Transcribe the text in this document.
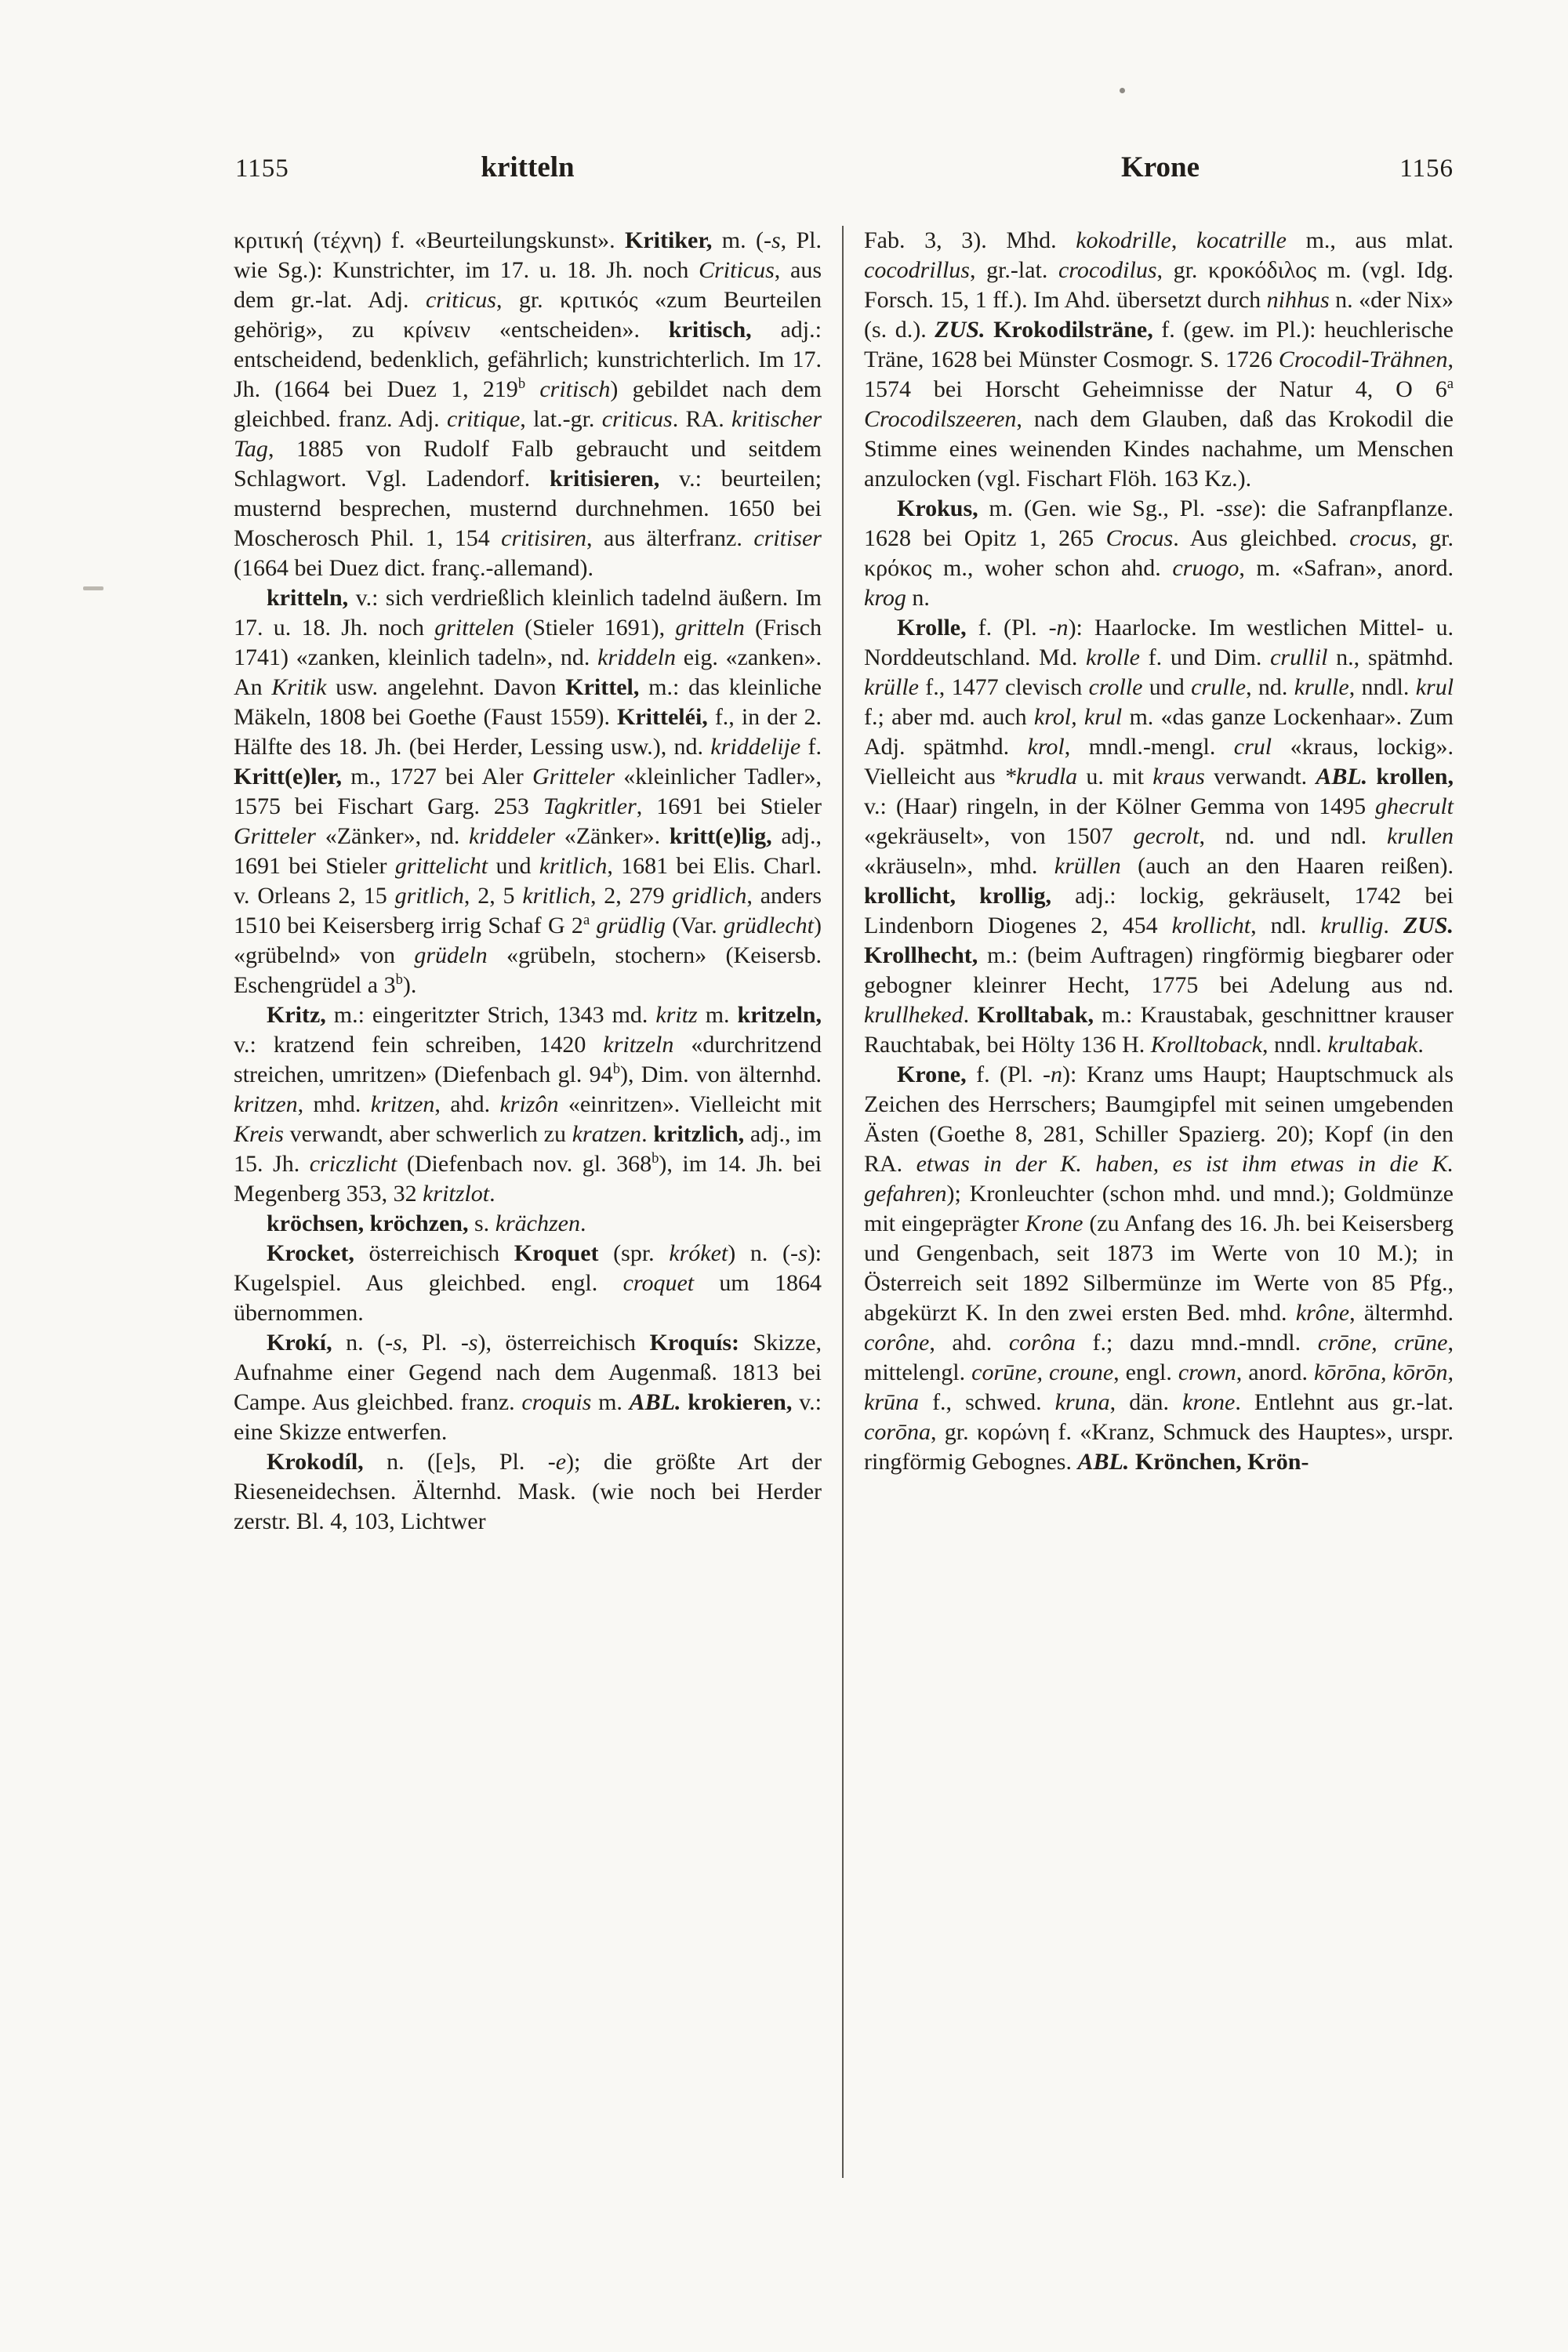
1155	kritteln	Krone	1156

κριτική (τέχνη) f. «Beurteilungskunst». Kritiker, m. (-s, Pl. wie Sg.): Kunstrichter, im 17. u. 18. Jh. noch Criticus, aus dem gr.-lat. Adj. criticus, gr. κριτικός «zum Beurteilen gehörig», zu κρίνειν «entscheiden». kritisch, adj.: entscheidend, bedenklich, gefährlich; kunstrichterlich. Im 17. Jh. (1664 bei Duez 1, 219$^b$ critisch) gebildet nach dem gleichbed. franz. Adj. critique, lat.-gr. criticus. RA. kritischer Tag, 1885 von Rudolf Falb gebraucht und seitdem Schlagwort. Vgl. Ladendorf. kritisieren, v.: beurteilen; musternd besprechen, musternd durchnehmen. 1650 bei Moscherosch Phil. 1, 154 critisiren, aus älterfranz. critiser (1664 bei Duez dict. franç.-allemand).

kritteln, v.: sich verdrießlich kleinlich tadelnd äußern. Im 17. u. 18. Jh. noch grittelen (Stieler 1691), gritteln (Frisch 1741) «zanken, kleinlich tadeln», nd. kriddeln eig. «zanken». An Kritik usw. angelehnt. Davon Krittel, m.: das kleinliche Mäkeln, 1808 bei Goethe (Faust 1559). Kritteléi, f., in der 2. Hälfte des 18. Jh. (bei Herder, Lessing usw.), nd. kriddelije f. Kritt(e)ler, m., 1727 bei Aler Gritteler «kleinlicher Tadler», 1575 bei Fischart Garg. 253 Tagkritler, 1691 bei Stieler Gritteler «Zänker», nd. kriddeler «Zänker». kritt(e)lig, adj., 1691 bei Stieler grittelicht und kritlich, 1681 bei Elis. Charl. v. Orleans 2, 15 gritlich, 2, 5 kritlich, 2, 279 gridlich, anders 1510 bei Keisersberg irrig Schaf G 2$^a$ grüdlig (Var. grüdlecht) «grübelnd» von grüdeln «grübeln, stochern» (Keisersb. Eschengrüdel a 3$^b$).

Kritz, m.: eingeritzter Strich, 1343 md. kritz m. kritzeln, v.: kratzend fein schreiben, 1420 kritzeln «durchritzend streichen, umritzen» (Diefenbach gl. 94$^b$), Dim. von älternhd. kritzen, mhd. kritzen, ahd. krizôn «einritzen». Vielleicht mit Kreis verwandt, aber schwerlich zu kratzen. kritzlich, adj., im 15. Jh. criczlicht (Diefenbach nov. gl. 368$^b$), im 14. Jh. bei Megenberg 353, 32 kritzlot.

kröchsen, kröchzen, s. krächzen.

Krocket, österreichisch Kroquet (spr. króket) n. (-s): Kugelspiel. Aus gleichbed. engl. croquet um 1864 übernommen.

Krokí, n. (-s, Pl. -s), österreichisch Kroquís: Skizze, Aufnahme einer Gegend nach dem Augenmaß. 1813 bei Campe. Aus gleichbed. franz. croquis m. ABL. krokieren, v.: eine Skizze entwerfen.

Krokodíl, n. ([e]s, Pl. -e); die größte Art der Rieseneidechsen. Älternhd. Mask. (wie noch bei Herder zerstr. Bl. 4, 103, Lichtwer

Fab. 3, 3). Mhd. kokodrille, kocatrille m., aus mlat. cocodrillus, gr.-lat. crocodilus, gr. κροκόδιλος m. (vgl. Idg. Forsch. 15, 1 ff.). Im Ahd. übersetzt durch nihhus n. «der Nix» (s. d.). ZUS. Krokodilsträne, f. (gew. im Pl.): heuchlerische Träne, 1628 bei Münster Cosmogr. S. 1726 Crocodil-Trähnen, 1574 bei Horscht Geheimnisse der Natur 4, O 6$^a$ Crocodilszeeren, nach dem Glauben, daß das Krokodil die Stimme eines weinenden Kindes nachahme, um Menschen anzulocken (vgl. Fischart Flöh. 163 Kz.).

Krokus, m. (Gen. wie Sg., Pl. -sse): die Safranpflanze. 1628 bei Opitz 1, 265 Crocus. Aus gleichbed. crocus, gr. κρόκος m., woher schon ahd. cruogo, m. «Safran», anord. krog n.

Krolle, f. (Pl. -n): Haarlocke. Im westlichen Mittel- u. Norddeutschland. Md. krolle f. und Dim. crullil n., spätmhd. krülle f., 1477 clevisch crolle und crulle, nd. krulle, nndl. krul f.; aber md. auch krol, krul m. «das ganze Lockenhaar». Zum Adj. spätmhd. krol, mndl.-mengl. crul «kraus, lockig». Vielleicht aus *krudla u. mit kraus verwandt. ABL. krollen, v.: (Haar) ringeln, in der Kölner Gemma von 1495 ghecrult «gekräuselt», von 1507 gecrolt, nd. und ndl. krullen «kräuseln», mhd. krüllen (auch an den Haaren reißen). krollicht, krollig, adj.: lockig, gekräuselt, 1742 bei Lindenborn Diogenes 2, 454 krollicht, ndl. krullig. ZUS. Krollhecht, m.: (beim Auftragen) ringförmig biegbarer oder gebogner kleinrer Hecht, 1775 bei Adelung aus nd. krullheked. Krolltabak, m.: Kraustabak, geschnittner krauser Rauchtabak, bei Hölty 136 H. Krolltoback, nndl. krultabak.

Krone, f. (Pl. -n): Kranz ums Haupt; Hauptschmuck als Zeichen des Herrschers; Baumgipfel mit seinen umgebenden Ästen (Goethe 8, 281, Schiller Spazierg. 20); Kopf (in den RA. etwas in der K. haben, es ist ihm etwas in die K. gefahren); Kronleuchter (schon mhd. und mnd.); Goldmünze mit eingeprägter Krone (zu Anfang des 16. Jh. bei Keisersberg und Gengenbach, seit 1873 im Werte von 10 M.); in Österreich seit 1892 Silbermünze im Werte von 85 Pfg., abgekürzt K. In den zwei ersten Bed. mhd. krône, ältermhd. corône, ahd. corôna f.; dazu mnd.-mndl. crōne, crūne, mittelengl. corūne, croune, engl. crown, anord. kōrōna, kōrōn, krūna f., schwed. kruna, dän. krone. Entlehnt aus gr.-lat. corōna, gr. κορώνη f. «Kranz, Schmuck des Hauptes», urspr. ringförmig Gebognes. ABL. Krönchen, Krön-
